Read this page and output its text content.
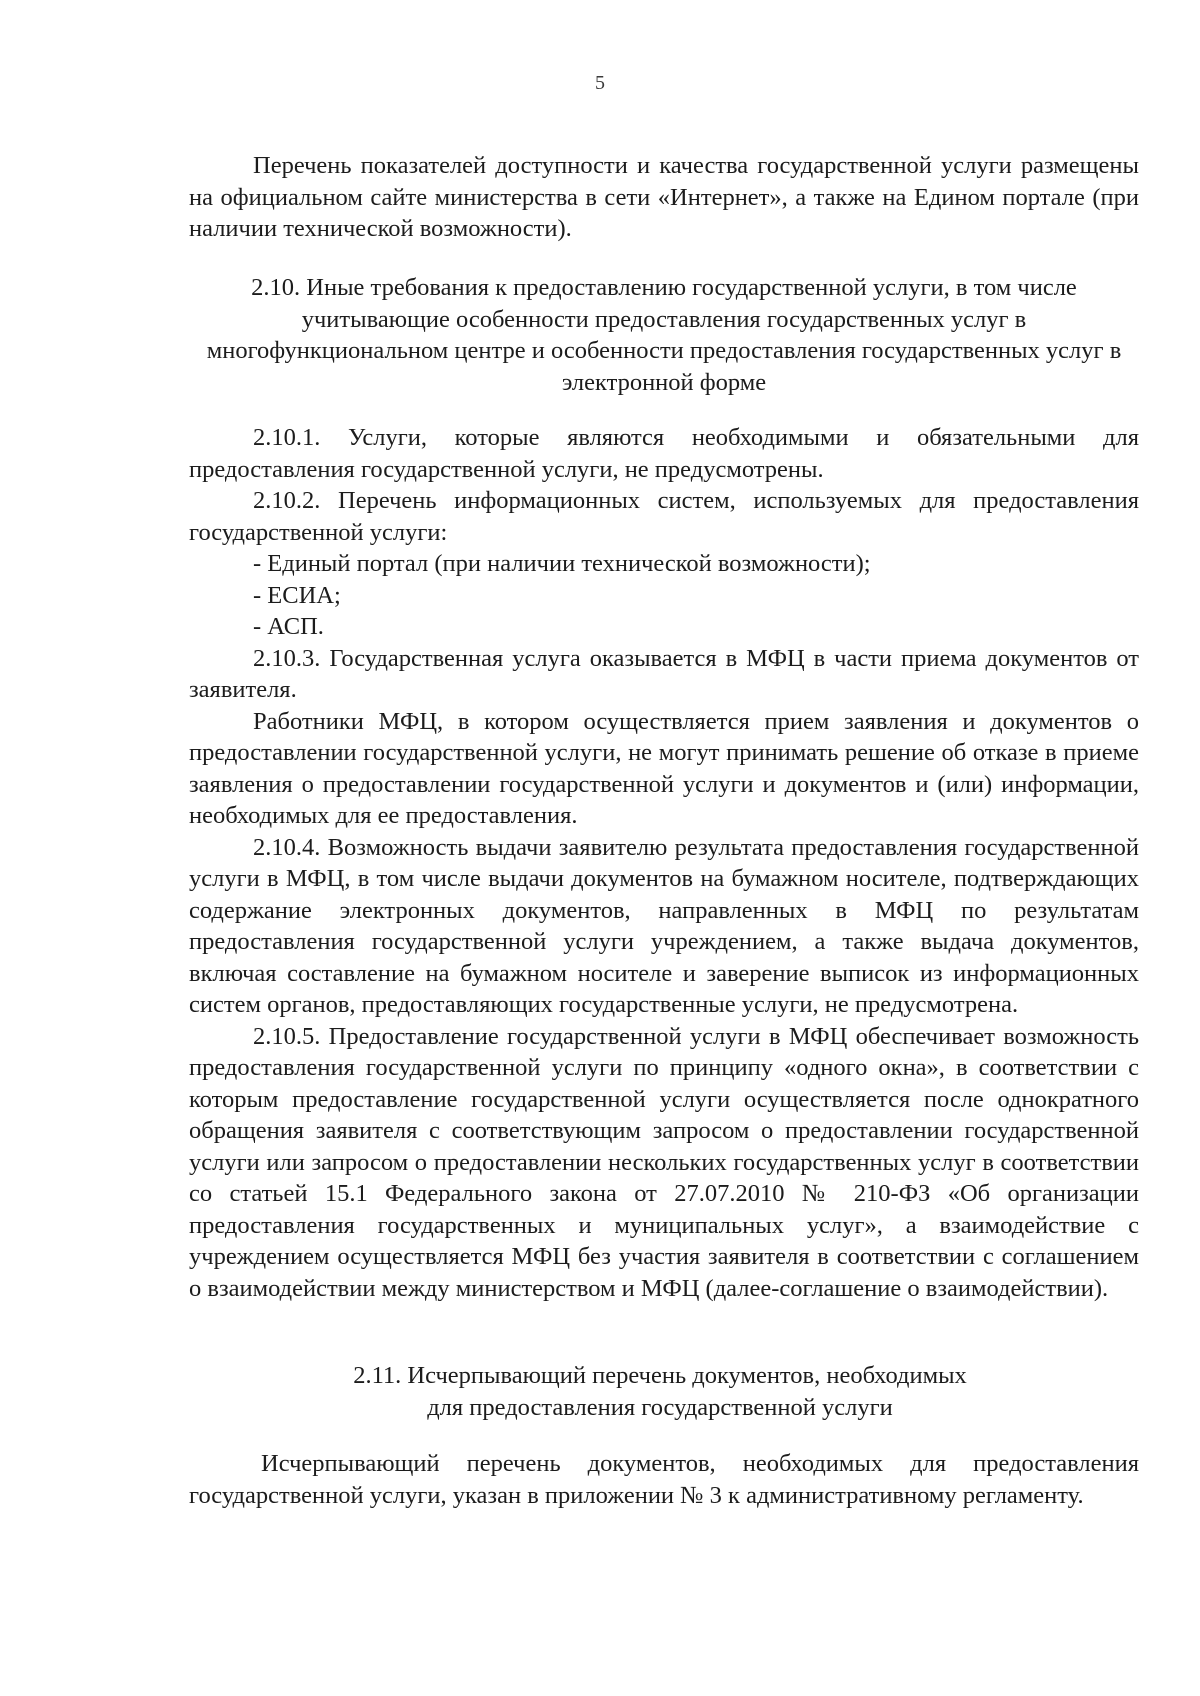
5

Перечень показателей доступности и качества государственной услуги размещены на официальном сайте министерства в сети «Интернет», а также на Едином портале (при наличии технической возможности).

2.10. Иные требования к предоставлению государственной услуги, в том числе учитывающие особенности предоставления государственных услуг в многофункциональном центре и особенности предоставления государственных услуг в электронной форме

2.10.1. Услуги, которые являются необходимыми и обязательными для предоставления государственной услуги, не предусмотрены.

2.10.2. Перечень информационных систем, используемых для предоставления государственной услуги:

- Единый портал (при наличии технической возможности);

- ЕСИА;

- АСП.

2.10.3. Государственная услуга оказывается в МФЦ в части приема документов от заявителя.

Работники МФЦ, в котором осуществляется прием заявления и документов о предоставлении государственной услуги, не могут принимать решение об отказе в приеме заявления о предоставлении государственной услуги и документов и (или) информации, необходимых для ее предоставления.

2.10.4. Возможность выдачи заявителю результата предоставления государственной услуги в МФЦ, в том числе выдачи документов на бумажном носителе, подтверждающих содержание электронных документов, направленных в МФЦ по результатам предоставления государственной услуги учреждением, а также выдача документов, включая составление на бумажном носителе и заверение выписок из информационных систем органов, предоставляющих государственные услуги, не предусмотрена.

2.10.5. Предоставление государственной услуги в МФЦ обеспечивает возможность предоставления государственной услуги по принципу «одного окна», в соответствии с которым предоставление государственной услуги осуществляется после однократного обращения заявителя с соответствующим запросом о предоставлении государственной услуги или запросом о предоставлении нескольких государственных услуг в соответствии со статьей 15.1 Федерального закона от 27.07.2010 № 210-ФЗ «Об организации предоставления государственных и муниципальных услуг», а взаимодействие с учреждением осуществляется МФЦ без участия заявителя в соответствии с соглашением о взаимодействии между министерством и МФЦ (далее-соглашение о взаимодействии).

2.11. Исчерпывающий перечень документов, необходимых
для предоставления государственной услуги

Исчерпывающий перечень документов, необходимых для предоставления государственной услуги, указан в приложении № 3 к административному регламенту.
